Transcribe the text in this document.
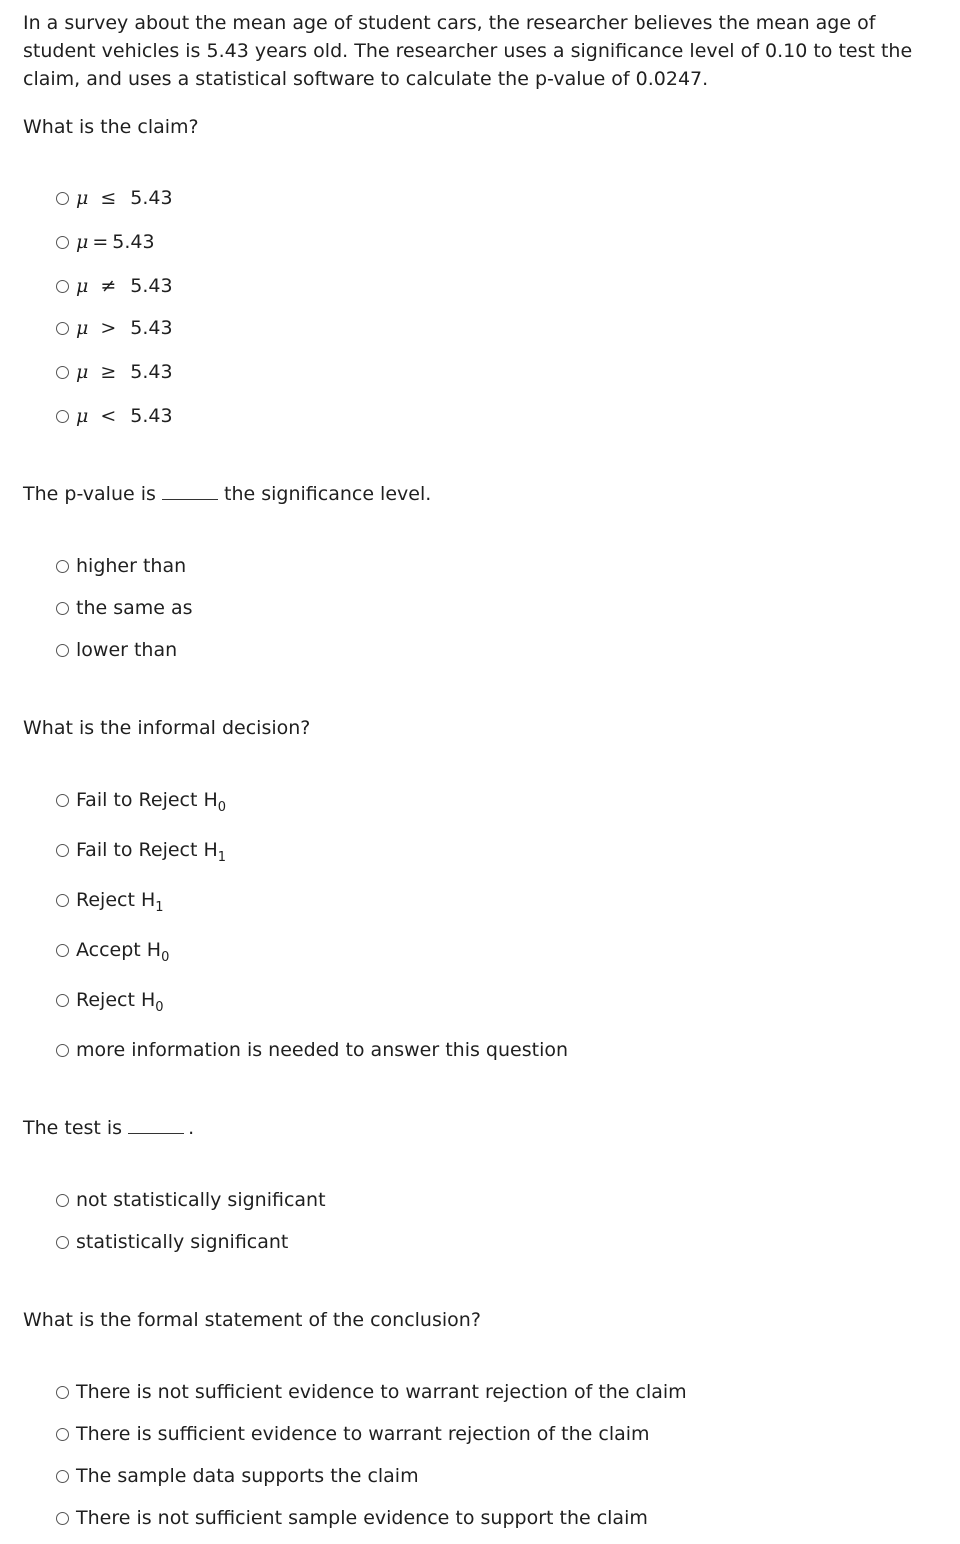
In a survey about the mean age of student cars, the researcher believes the mean age of student vehicles is 5.43 years old. The researcher uses a significance level of 0.10 to test the claim, and uses a statistical software to calculate the p-value of 0.0247.
What is the claim?
μ ≤ 5.43
μ = 5.43
μ ≠ 5.43
μ > 5.43
μ ≥ 5.43
μ < 5.43
The p-value is	the significance level.
higher than
the same as
lower than
What is the informal decision?
Fail to Reject $H_0$
Fail to Reject $H_1$
Reject $H_1$
Accept $H_0$
Reject $H_0$
more information is needed to answer this question
The test is	.
not statistically significant
statistically significant
What is the formal statement of the conclusion?
There is not sufficient evidence to warrant rejection of the claim
There is sufficient evidence to warrant rejection of the claim
The sample data supports the claim
There is not sufficient sample evidence to support the claim
